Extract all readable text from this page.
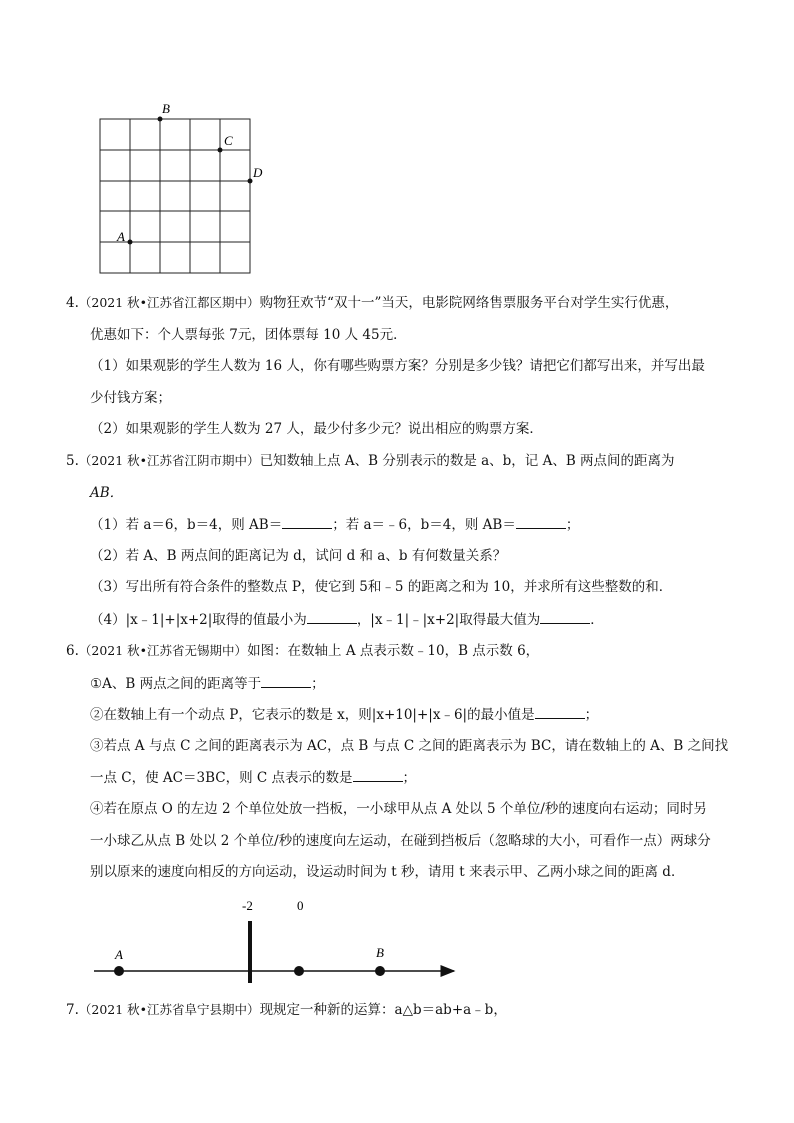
B
C
D
A
4.（2021 秋•江苏省江都区期中）购物狂欢节“双十一”当天，电影院网络售票服务平台对学生实行优惠，
优惠如下：个人票每张 7元，团体票每 10 人 45元．
（1）如果观影的学生人数为 16 人，你有哪些购票方案？分别是多少钱？请把它们都写出来，并写出最
少付钱方案；
（2）如果观影的学生人数为 27 人，最少付多少元？说出相应的购票方案．
5.（2021 秋•江苏省江阴市期中）已知数轴上点 A、B 分别表示的数是 a、b，记 A、B 两点间的距离为
AB．
（1）若 a＝6，b＝4，则 AB＝	；若 a＝﹣6，b＝4，则 AB＝	；
（2）若 A、B 两点间的距离记为 d，试问 d 和 a、b 有何数量关系？
（3）写出所有符合条件的整数点 P，使它到 5和﹣5 的距离之和为 10，并求所有这些整数的和．
（4）|x﹣1|+|x+2|取得的值最小为	，|x﹣1|﹣|x+2|取得最大值为	．
6.（2021 秋•江苏省无锡期中）如图：在数轴上 A 点表示数﹣10，B 点示数 6，
①A、B 两点之间的距离等于	；
②在数轴上有一个动点 P，它表示的数是 x，则|x+10|+|x﹣6|的最小值是	；
③若点 A 与点 C 之间的距离表示为 AC，点 B 与点 C 之间的距离表示为 BC，请在数轴上的 A、B 之间找
一点 C，使 AC＝3BC，则 C 点表示的数是	；
④若在原点 O 的左边 2 个单位处放一挡板，一小球甲从点 A 处以 5 个单位/秒的速度向右运动；同时另
一小球乙从点 B 处以 2 个单位/秒的速度向左运动，在碰到挡板后（忽略球的大小，可看作一点）两球分
别以原来的速度向相反的方向运动，设运动时间为 t 秒，请用 t 来表示甲、乙两小球之间的距离 d．
-2	0
A	B
7.（2021 秋•江苏省阜宁县期中）现规定一种新的运算：a△b＝ab+a﹣b，
